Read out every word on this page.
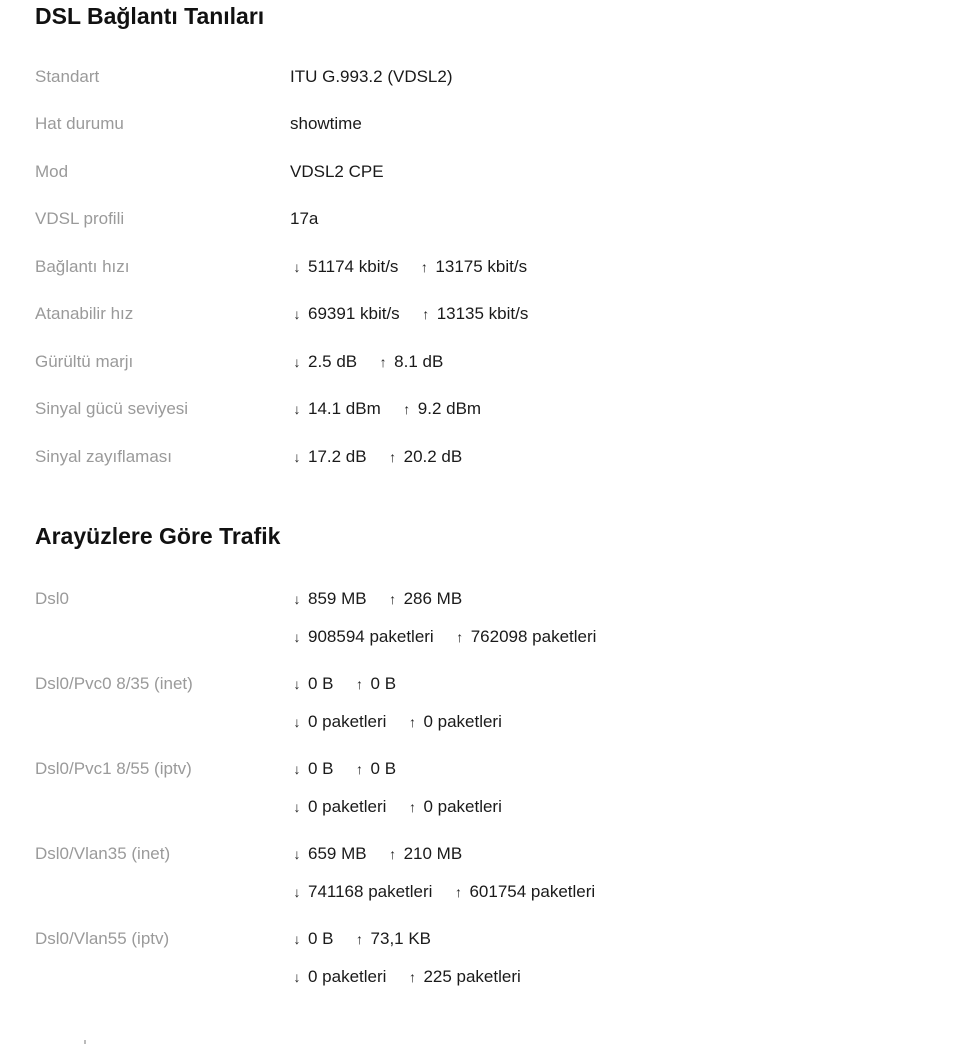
DSL Bağlantı Tanıları
Standart	ITU G.993.2 (VDSL2)
Hat durumu	showtime
Mod	VDSL2 CPE
VDSL profili	17a
Bağlantı hızı	↓ 51174 kbit/s ↑ 13175 kbit/s
Atanabilir hız	↓ 69391 kbit/s ↑ 13135 kbit/s
Gürültü marjı	↓ 2.5 dB ↑ 8.1 dB
Sinyal gücü seviyesi	↓ 14.1 dBm ↑ 9.2 dBm
Sinyal zayıflaması	↓ 17.2 dB ↑ 20.2 dB
Arayüzlere Göre Trafik
Dsl0	↓ 859 MB ↑ 286 MB
↓ 908594 paketleri ↑ 762098 paketleri
Dsl0/Pvc0 8/35 (inet)	↓ 0 B ↑ 0 B
↓ 0 paketleri ↑ 0 paketleri
Dsl0/Pvc1 8/55 (iptv)	↓ 0 B ↑ 0 B
↓ 0 paketleri ↑ 0 paketleri
Dsl0/Vlan35 (inet)	↓ 659 MB ↑ 210 MB
↓ 741168 paketleri ↑ 601754 paketleri
Dsl0/Vlan55 (iptv)	↓ 0 B ↑ 73,1 KB
↓ 0 paketleri ↑ 225 paketleri
